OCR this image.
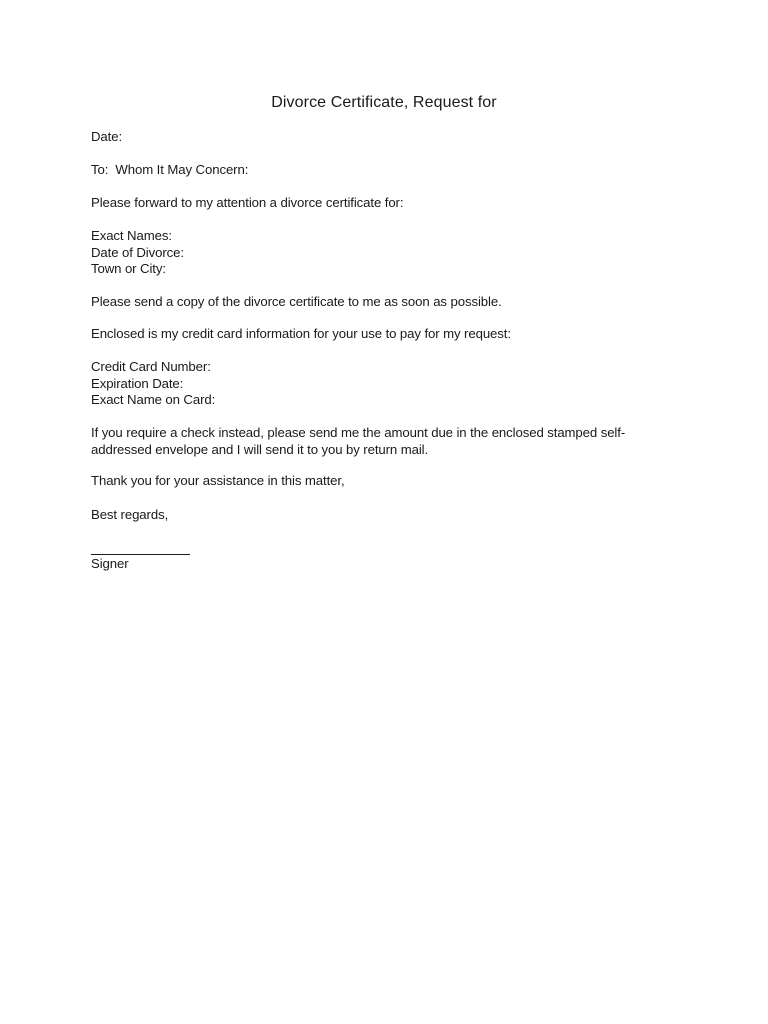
Divorce Certificate, Request for
Date:
To:  Whom It May Concern:
Please forward to my attention a divorce certificate for:
Exact Names:
Date of Divorce:
Town or City:
Please send a copy of the divorce certificate to me as soon as possible.
Enclosed is my credit card information for your use to pay for my request:
Credit Card Number:
Expiration Date:
Exact Name on Card:
If you require a check instead, please send me the amount due in the enclosed stamped self-
addressed envelope and I will send it to you by return mail.
Thank you for your assistance in this matter,
Best regards,
Signer
